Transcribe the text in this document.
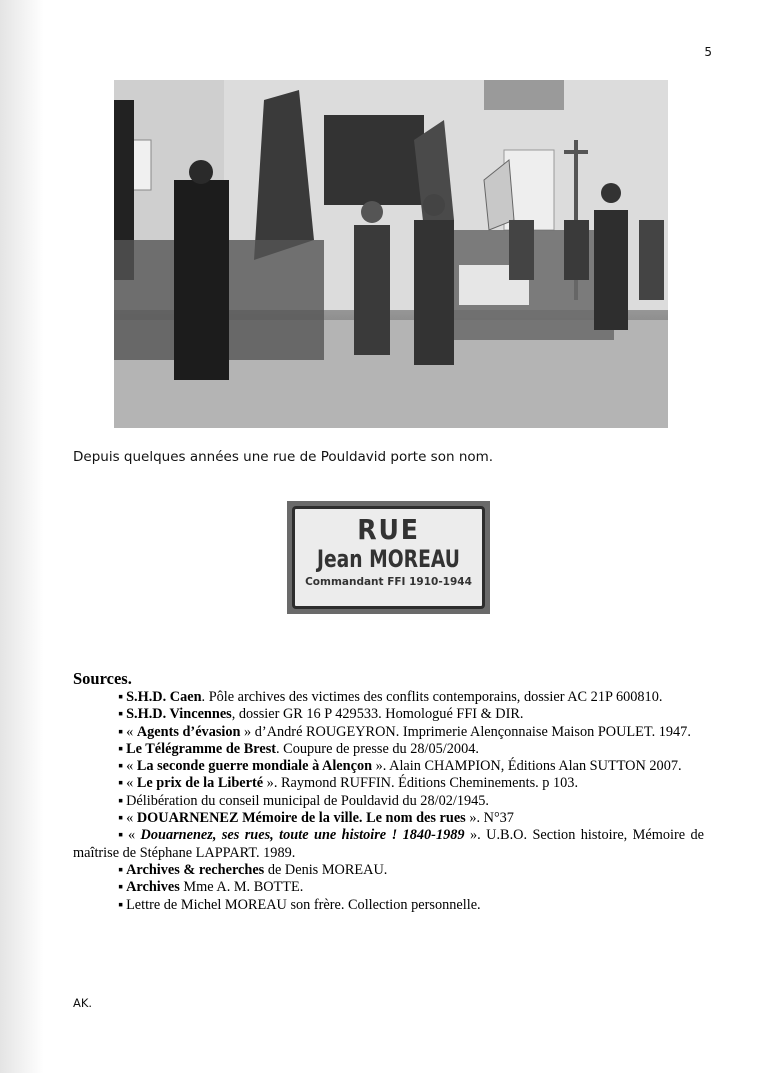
5
Depuis quelques années une rue de Pouldavid porte son nom.
RUE
Jean MOREAU
Commandant FFI 1910-1944
Sources.
▪ S.H.D. Caen. Pôle archives des victimes des conflits contemporains, dossier AC 21P 600810.
▪ S.H.D. Vincennes, dossier GR 16 P 429533. Homologué FFI & DIR.
▪ « Agents d’évasion » d’André ROUGEYRON. Imprimerie Alençonnaise Maison POULET. 1947.
▪ Le Télégramme de Brest. Coupure de presse du 28/05/2004.
▪ « La seconde guerre mondiale à Alençon ». Alain CHAMPION, Éditions Alan SUTTON 2007.
▪ « Le prix de la Liberté ». Raymond RUFFIN. Éditions Cheminements. p 103.
▪ Délibération du conseil municipal de Pouldavid du 28/02/1945.
▪ « DOUARNENEZ Mémoire de la ville. Le nom des rues ». N°37
▪ « Douarnenez, ses rues, toute une histoire ! 1840-1989 ». U.B.O. Section histoire, Mémoire de maîtrise de Stéphane LAPPART. 1989.
▪ Archives & recherches de Denis MOREAU.
▪ Archives Mme A. M. BOTTE.
▪ Lettre de Michel MOREAU son frère. Collection personnelle.
AK.
